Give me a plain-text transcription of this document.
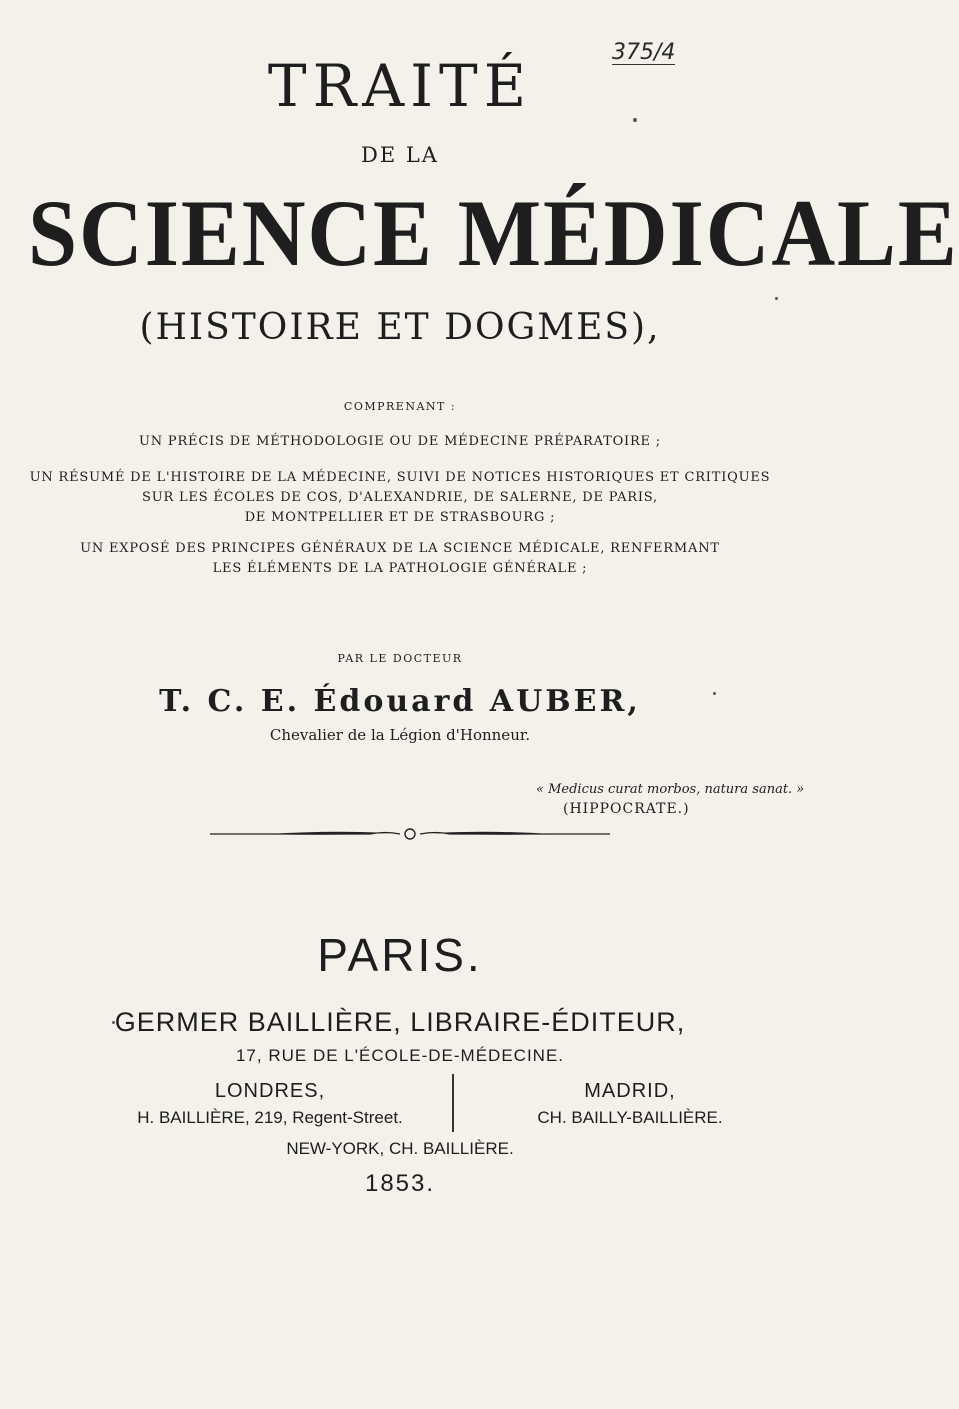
375/4
TRAITÉ
DE LA
SCIENCE MÉDICALE
(HISTOIRE ET DOGMES),
COMPRENANT :
UN PRÉCIS DE MÉTHODOLOGIE OU DE MÉDECINE PRÉPARATOIRE ;
UN RÉSUMÉ DE L'HISTOIRE DE LA MÉDECINE, SUIVI DE NOTICES HISTORIQUES ET CRITIQUES
SUR LES ÉCOLES DE COS, D'ALEXANDRIE, DE SALERNE, DE PARIS,
DE MONTPELLIER ET DE STRASBOURG ;
UN EXPOSÉ DES PRINCIPES GÉNÉRAUX DE LA SCIENCE MÉDICALE, RENFERMANT
LES ÉLÉMENTS DE LA PATHOLOGIE GÉNÉRALE ;
PAR LE DOCTEUR
T. C. E. Édouard AUBER,
Chevalier de la Légion d'Honneur.
« Medicus curat morbos, natura sanat. »
(HIPPOCRATE.)
PARIS.
GERMER BAILLIÈRE, LIBRAIRE-ÉDITEUR,
17, RUE DE L'ÉCOLE-DE-MÉDECINE.
LONDRES,
H. BAILLIÈRE, 219, Regent-Street.
MADRID,
CH. BAILLY-BAILLIÈRE.
NEW-YORK, CH. BAILLIÈRE.
1853.
